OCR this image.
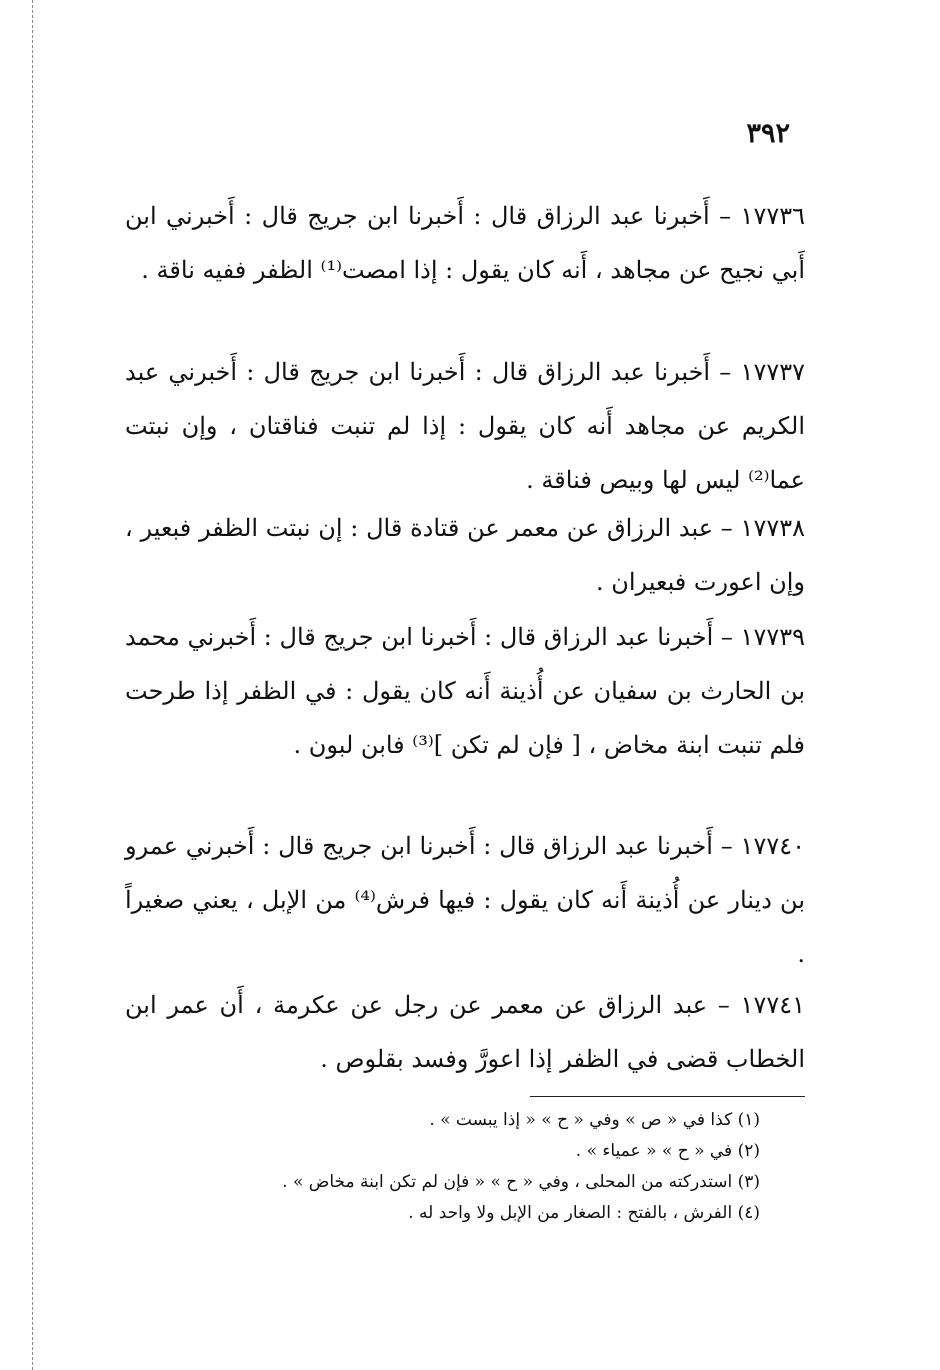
٣٩٢
١٧٧٣٦ – أَخبرنا عبد الرزاق قال : أَخبرنا ابن جريج قال : أَخبرني ابن أَبي نجيح عن مجاهد ، أَنه كان يقول : إذا امصت⁽¹⁾ الظفر ففيه ناقة .
١٧٧٣٧ – أَخبرنا عبد الرزاق قال : أَخبرنا ابن جريج قال : أَخبرني عبد الكريم عن مجاهد أَنه كان يقول : إذا لم تنبت فناقتان ، وإن نبتت عما⁽²⁾ ليس لها وبيص فناقة .
١٧٧٣٨ – عبد الرزاق عن معمر عن قتادة قال : إن نبتت الظفر فبعير ، وإن اعورت فبعيران .
١٧٧٣٩ – أَخبرنا عبد الرزاق قال : أَخبرنا ابن جريج قال : أَخبرني محمد بن الحارث بن سفيان عن أُذينة أَنه كان يقول : في الظفر إذا طرحت فلم تنبت ابنة مخاض ، [ فإن لم تكن ]⁽³⁾ فابن لبون .
١٧٧٤٠ – أَخبرنا عبد الرزاق قال : أَخبرنا ابن جريج قال : أَخبرني عمرو بن دينار عن أُذينة أَنه كان يقول : فيها فرش⁽⁴⁾ من الإبل ، يعني صغيراً .
١٧٧٤١ – عبد الرزاق عن معمر عن رجل عن عكرمة ، أَن عمر ابن الخطاب قضى في الظفر إذا اعورَّ وفسد بقلوص .
(١) كذا في « ص » وفي « ح » « إذا يبست » .
(٢) في « ح » « عمياء » .
(٣) استدركته من المحلى ، وفي « ح » « فإن لم تكن ابنة مخاض » .
(٤) الفرش ، بالفتح : الصغار من الإبل ولا واحد له .
